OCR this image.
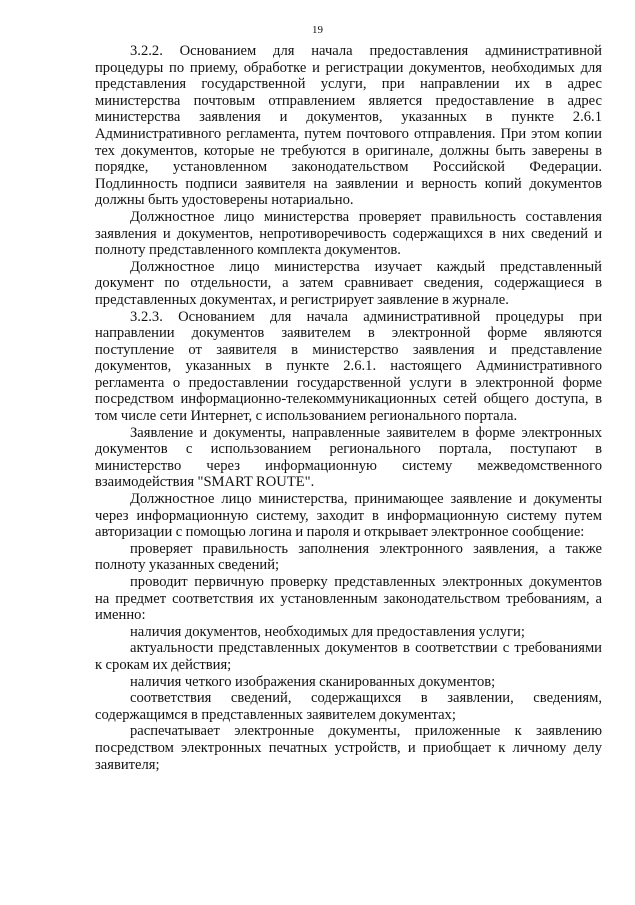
19

3.2.2. Основанием для начала предоставления административной процедуры по приему, обработке и регистрации документов, необходимых для представления государственной услуги, при направлении их в адрес министерства почтовым отправлением является предоставление в адрес министерства заявления и документов, указанных в пункте 2.6.1 Административного регламента, путем почтового отправления. При этом копии тех документов, которые не требуются в оригинале, должны быть заверены в порядке, установленном законодательством Российской Федерации. Подлинность подписи заявителя на заявлении и верность копий документов должны быть удостоверены нотариально.

Должностное лицо министерства проверяет правильность составления заявления и документов, непротиворечивость содержащихся в них сведений и полноту представленного комплекта документов.

Должностное лицо министерства изучает каждый представленный документ по отдельности, а затем сравнивает сведения, содержащиеся в представленных документах, и регистрирует заявление в журнале.

3.2.3. Основанием для начала административной процедуры при направлении документов заявителем в электронной форме являются поступление от заявителя в министерство заявления и представление документов, указанных в пункте 2.6.1. настоящего Административного регламента о предоставлении государственной услуги в электронной форме посредством информационно-телекоммуникационных сетей общего доступа, в том числе сети Интернет, с использованием регионального портала.

Заявление и документы, направленные заявителем в форме электронных документов с использованием регионального портала, поступают в министерство через информационную систему межведомственного взаимодействия "SMART ROUTE".

Должностное лицо министерства, принимающее заявление и документы через информационную систему, заходит в информационную систему путем авторизации с помощью логина и пароля и открывает электронное сообщение:

проверяет правильность заполнения электронного заявления, а также полноту указанных сведений;

проводит первичную проверку представленных электронных документов на предмет соответствия их установленным законодательством требованиям, а именно:

наличия документов, необходимых для предоставления услуги;

актуальности представленных документов в соответствии с требованиями к срокам их действия;

наличия четкого изображения сканированных документов;

соответствия сведений, содержащихся в заявлении, сведениям, содержащимся в представленных заявителем документах;

распечатывает электронные документы, приложенные к заявлению посредством электронных печатных устройств, и приобщает к личному делу заявителя;
